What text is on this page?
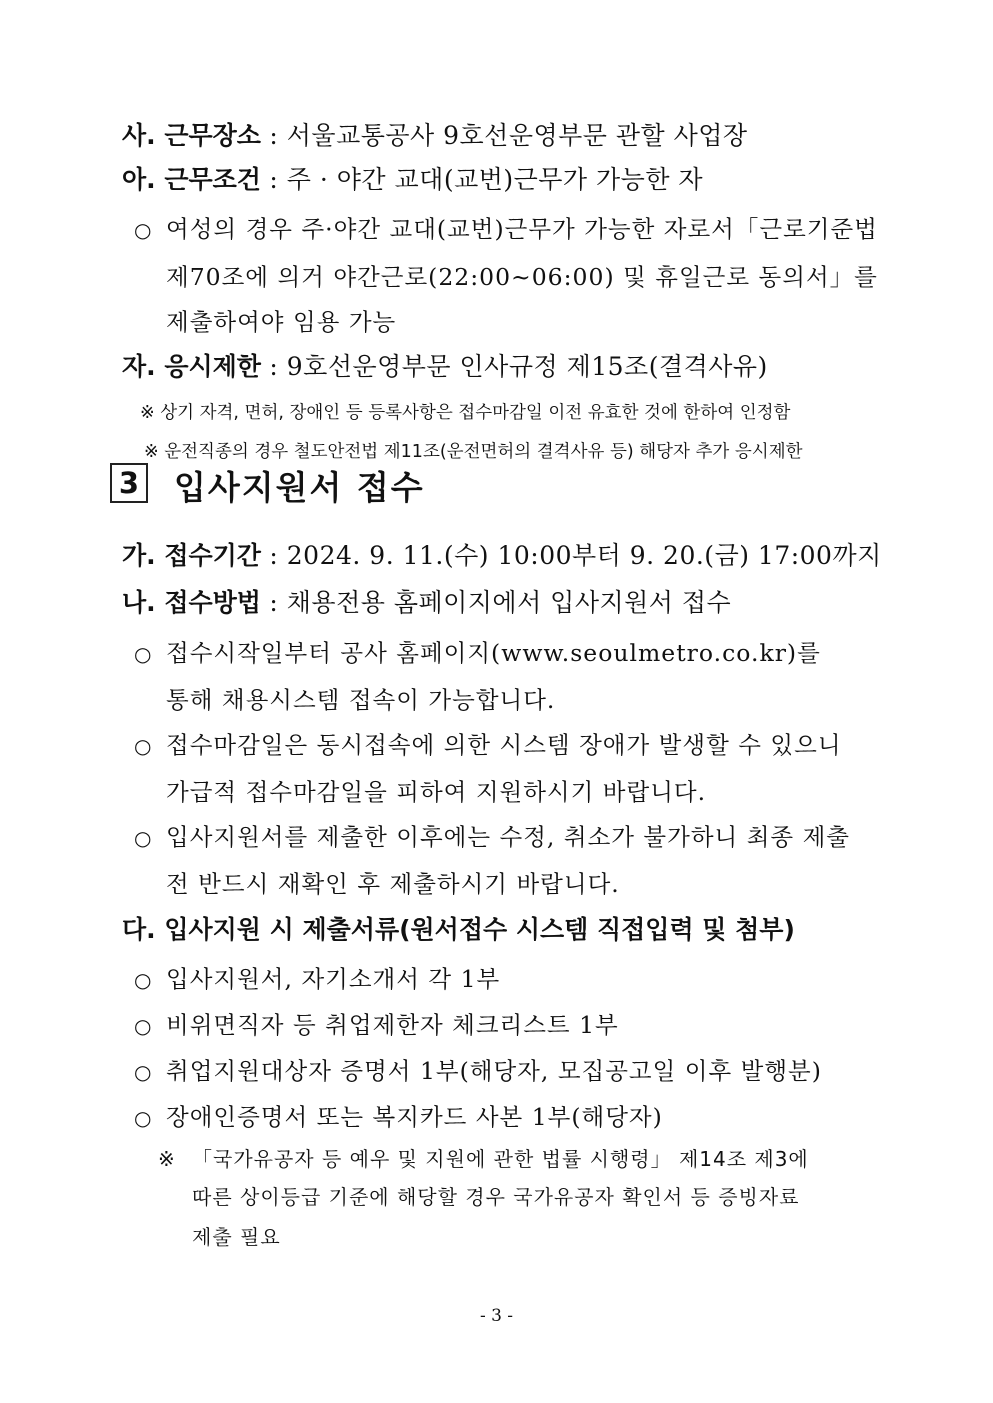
사. 근무장소 : 서울교통공사 9호선운영부문 관할 사업장
아. 근무조건 : 주 · 야간 교대(교번)근무가 가능한 자
○ 여성의 경우 주·야간 교대(교번)근무가 가능한 자로서「근로기준법
제70조에 의거 야간근로(22:00~06:00) 및 휴일근로 동의서」를
제출하여야 임용 가능
자. 응시제한 : 9호선운영부문 인사규정 제15조(결격사유)
※ 상기 자격, 면허, 장애인 등 등록사항은 접수마감일 이전 유효한 것에 한하여 인정함
※ 운전직종의 경우 철도안전법 제11조(운전면허의 결격사유 등) 해당자 추가 응시제한
3 입사지원서 접수
가. 접수기간 : 2024. 9. 11.(수) 10:00부터 9. 20.(금) 17:00까지
나. 접수방법 : 채용전용 홈페이지에서 입사지원서 접수
○ 접수시작일부터 공사 홈페이지(www.seoulmetro.co.kr)를
통해 채용시스템 접속이 가능합니다.
○ 접수마감일은 동시접속에 의한 시스템 장애가 발생할 수 있으니
가급적 접수마감일을 피하여 지원하시기 바랍니다.
○ 입사지원서를 제출한 이후에는 수정, 취소가 불가하니 최종 제출
전 반드시 재확인 후 제출하시기 바랍니다.
다. 입사지원 시 제출서류(원서접수 시스템 직접입력 및 첨부)
○ 입사지원서, 자기소개서 각 1부
○ 비위면직자 등 취업제한자 체크리스트 1부
○ 취업지원대상자 증명서 1부(해당자, 모집공고일 이후 발행분)
○ 장애인증명서 또는 복지카드 사본 1부(해당자)
※ 「국가유공자 등 예우 및 지원에 관한 법률 시행령」 제14조 제3에
따른 상이등급 기준에 해당할 경우 국가유공자 확인서 등 증빙자료
제출 필요
- 3 -
